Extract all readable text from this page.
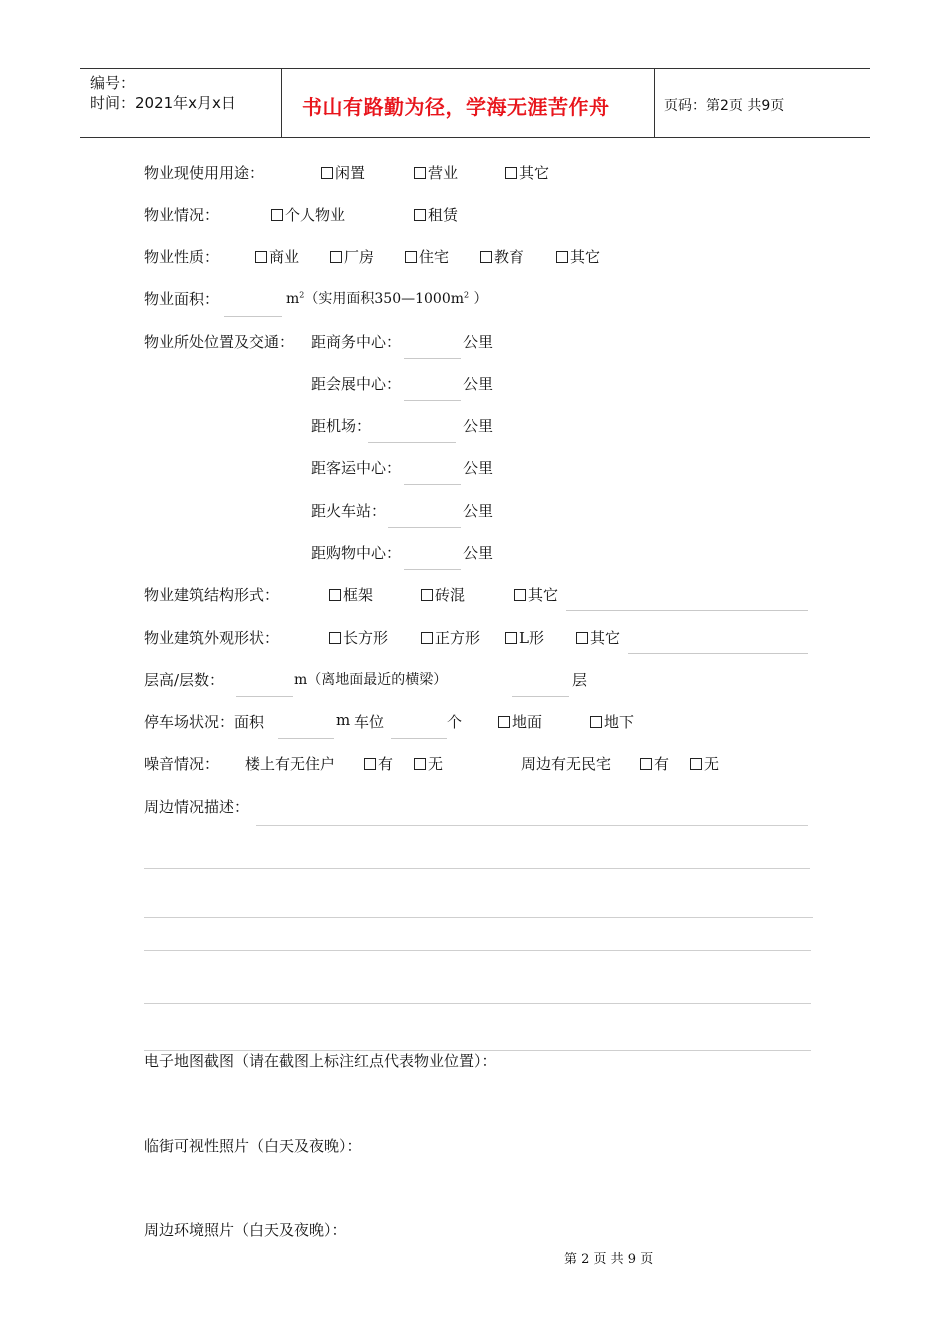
编号：
时间：2021年x月x日	书山有路勤为径，学海无涯苦作舟	页码：第2页 共9页
物业现使用用途：	闲置	营业	其它
物业情况：	个人物业	租赁
物业性质：	商业	厂房	住宅	教育	其它
物业面积：	$m^2$（实用面积$350—1000m^2$ ）
物业所处位置及交通： 距商务中心：	公里
距会展中心：	公里
距机场：	公里
距客运中心：	公里
距火车站：	公里
距购物中心：	公里
物业建筑结构形式：	框架	砖混	其它
物业建筑外观形状：	长方形	正方形	L形	其它
层高/层数：	m（离地面最近的横梁）	层
停车场状况：面积	m 车位	个	地面	地下
噪音情况： 楼上有无住户	有	无	周边有无民宅	有	无
周边情况描述：
电子地图截图（请在截图上标注红点代表物业位置）：
临街可视性照片（白天及夜晚）：
周边环境照片（白天及夜晚）：
第 2 页 共 9 页
